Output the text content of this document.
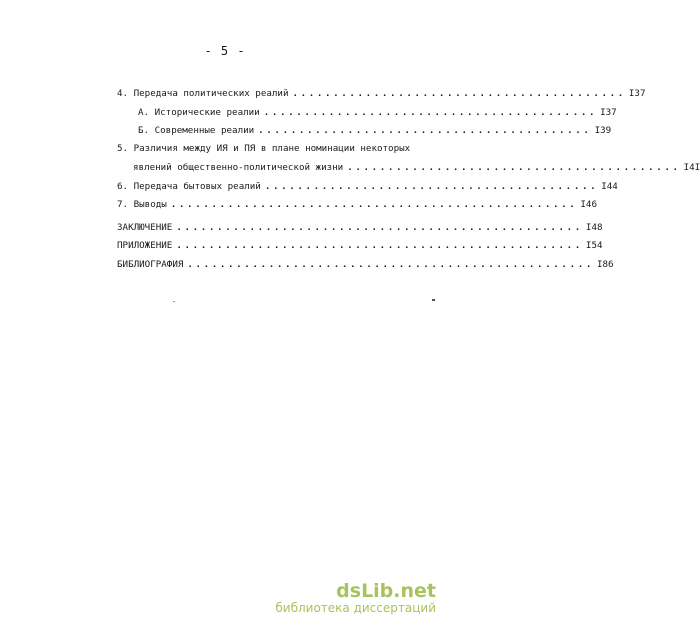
- 5 -
4. Передача политических реалий ......................................... I37
А. Исторические реалии ......................................... I37
Б. Современные реалии ......................................... I39
5. Различия между ИЯ и ПЯ в плане номинации некоторых
явлений общественно-политической жизни ......................................... I4I
6. Передача бытовых реалий ......................................... I44
7. Выводы .................................................. I46
ЗАКЛЮЧЕНИЕ .................................................. I48
ПРИЛОЖЕНИЕ .................................................. I54
БИБЛИОГРАФИЯ .................................................. I86
dsLib.net
библиотека диссертаций
